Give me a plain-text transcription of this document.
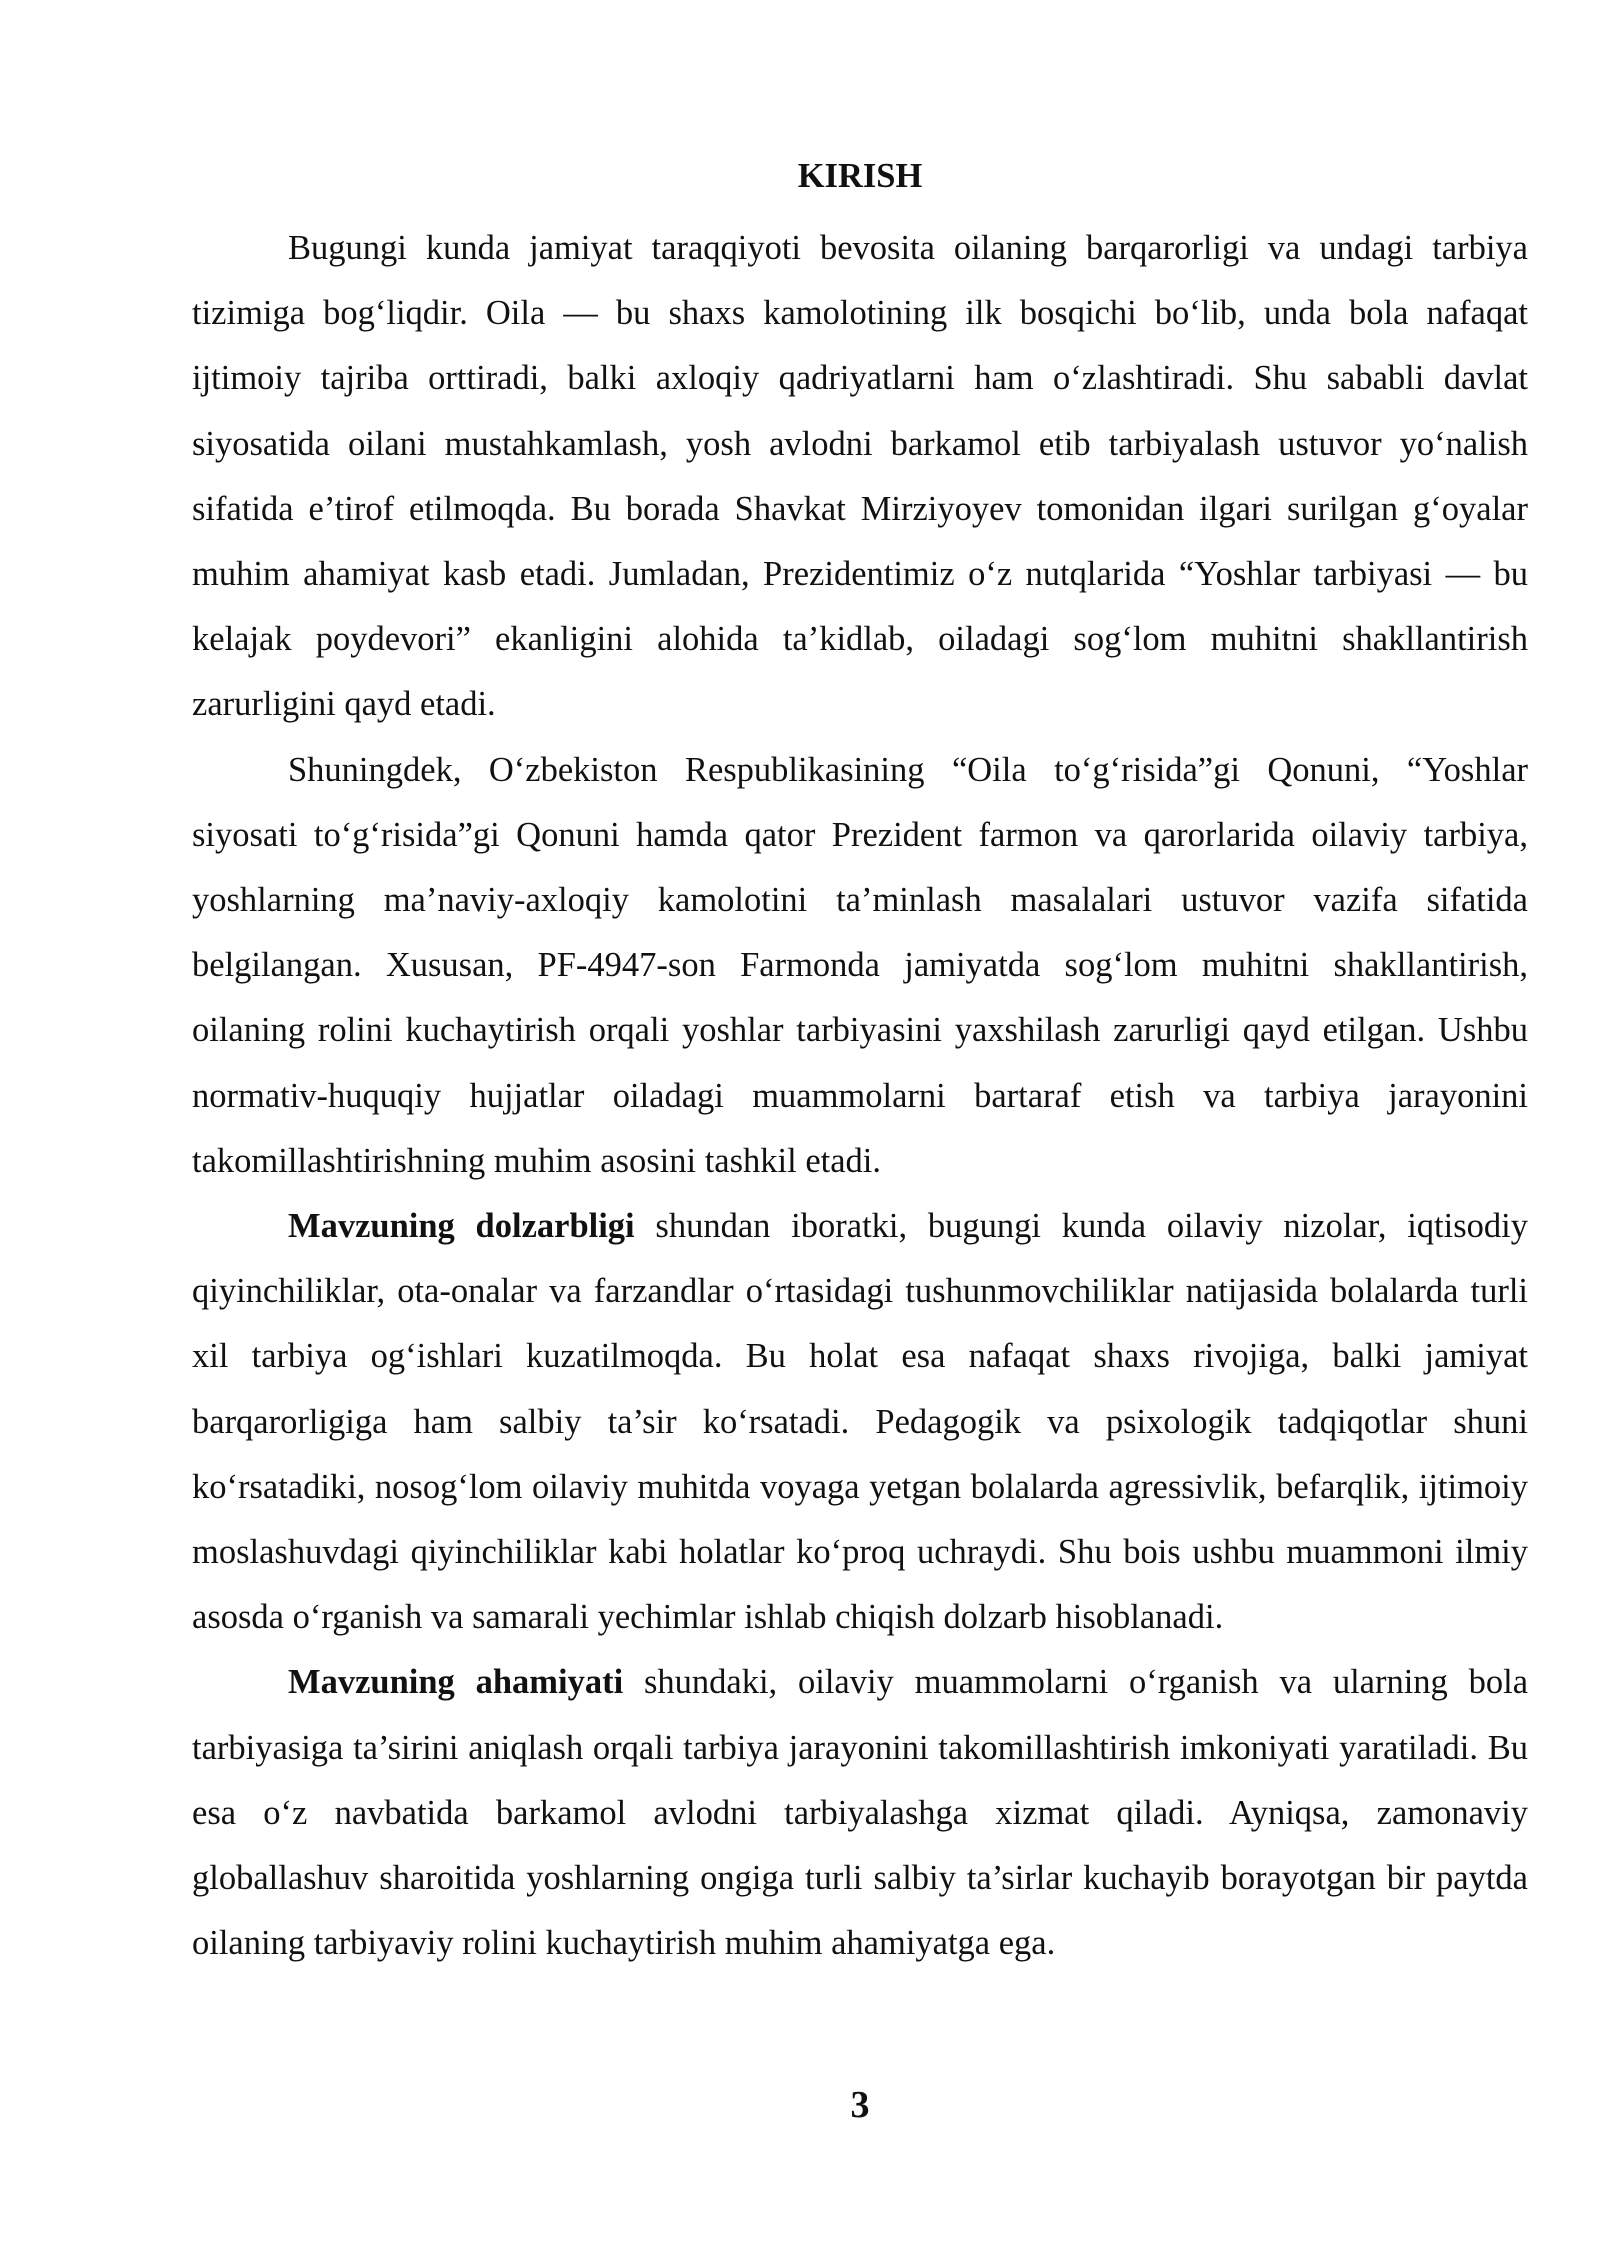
KIRISH

Bugungi kunda jamiyat taraqqiyoti bevosita oilaning barqarorligi va undagi tarbiya tizimiga bog‘liqdir. Oila — bu shaxs kamolotining ilk bosqichi bo‘lib, unda bola nafaqat ijtimoiy tajriba orttiradi, balki axloqiy qadriyatlarni ham o‘zlashtiradi. Shu sababli davlat siyosatida oilani mustahkamlash, yosh avlodni barkamol etib tarbiyalash ustuvor yo‘nalish sifatida e’tirof etilmoqda. Bu borada Shavkat Mirziyoyev tomonidan ilgari surilgan g‘oyalar muhim ahamiyat kasb etadi. Jumladan, Prezidentimiz o‘z nutqlarida “Yoshlar tarbiyasi — bu kelajak poydevori” ekanligini alohida ta’kidlab, oiladagi sog‘lom muhitni shakllantirish zarurligini qayd etadi.

Shuningdek, O‘zbekiston Respublikasining “Oila to‘g‘risida”gi Qonuni, “Yoshlar siyosati to‘g‘risida”gi Qonuni hamda qator Prezident farmon va qarorlarida oilaviy tarbiya, yoshlarning ma’naviy-axloqiy kamolotini ta’minlash masalalari ustuvor vazifa sifatida belgilangan. Xususan, PF-4947-son Farmonda jamiyatda sog‘lom muhitni shakllantirish, oilaning rolini kuchaytirish orqali yoshlar tarbiyasini yaxshilash zarurligi qayd etilgan. Ushbu normativ-huquqiy hujjatlar oiladagi muammolarni bartaraf etish va tarbiya jarayonini takomillashtirishning muhim asosini tashkil etadi.

Mavzuning dolzarbligi shundan iboratki, bugungi kunda oilaviy nizolar, iqtisodiy qiyinchiliklar, ota-onalar va farzandlar o‘rtasidagi tushunmovchiliklar natijasida bolalarda turli xil tarbiya og‘ishlari kuzatilmoqda. Bu holat esa nafaqat shaxs rivojiga, balki jamiyat barqarorligiga ham salbiy ta’sir ko‘rsatadi. Pedagogik va psixologik tadqiqotlar shuni ko‘rsatadiki, nosog‘lom oilaviy muhitda voyaga yetgan bolalarda agressivlik, befarqlik, ijtimoiy moslashuvdagi qiyinchiliklar kabi holatlar ko‘proq uchraydi. Shu bois ushbu muammoni ilmiy asosda o‘rganish va samarali yechimlar ishlab chiqish dolzarb hisoblanadi.

Mavzuning ahamiyati shundaki, oilaviy muammolarni o‘rganish va ularning bola tarbiyasiga ta’sirini aniqlash orqali tarbiya jarayonini takomillashtirish imkoniyati yaratiladi. Bu esa o‘z navbatida barkamol avlodni tarbiyalashga xizmat qiladi. Ayniqsa, zamonaviy globallashuv sharoitida yoshlarning ongiga turli salbiy ta’sirlar kuchayib borayotgan bir paytda oilaning tarbiyaviy rolini kuchaytirish muhim ahamiyatga ega.

3
